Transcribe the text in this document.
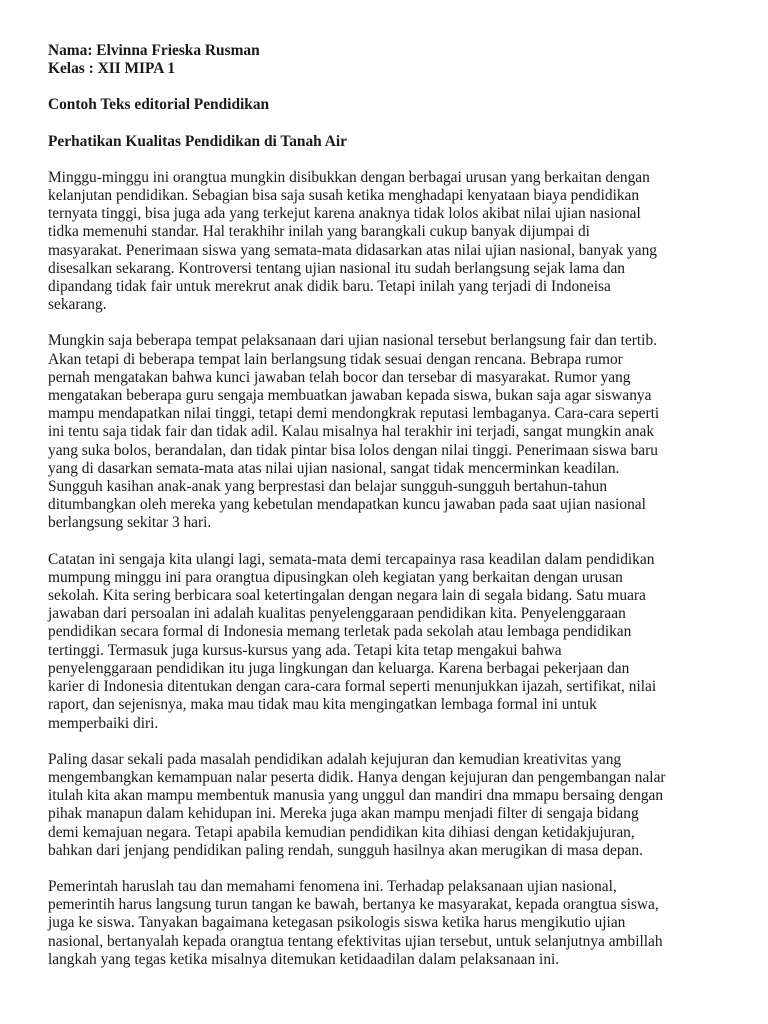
Nama: Elvinna Frieska Rusman

Kelas : XII MIPA 1

Contoh Teks editorial Pendidikan

Perhatikan Kualitas Pendidikan di Tanah Air

Minggu-minggu ini orangtua mungkin disibukkan dengan berbagai urusan yang berkaitan dengan
kelanjutan pendidikan. Sebagian bisa saja susah ketika menghadapi kenyataan biaya pendidikan
ternyata tinggi, bisa juga ada yang terkejut karena anaknya tidak lolos akibat nilai ujian nasional
tidka memenuhi standar. Hal terakhihr inilah yang barangkali cukup banyak dijumpai di
masyarakat. Penerimaan siswa yang semata-mata didasarkan atas nilai ujian nasional, banyak yang
disesalkan sekarang. Kontroversi tentang ujian nasional itu sudah berlangsung sejak lama dan
dipandang tidak fair untuk merekrut anak didik baru. Tetapi inilah yang terjadi di Indoneisa
sekarang.
Mungkin saja beberapa tempat pelaksanaan dari ujian nasional tersebut berlangsung fair dan tertib.
Akan tetapi di beberapa tempat lain berlangsung tidak sesuai dengan rencana. Bebrapa rumor
pernah mengatakan bahwa kunci jawaban telah bocor dan tersebar di masyarakat. Rumor yang
mengatakan beberapa guru sengaja membuatkan jawaban kepada siswa, bukan saja agar siswanya
mampu mendapatkan nilai tinggi, tetapi demi mendongkrak reputasi lembaganya. Cara-cara seperti
ini tentu saja tidak fair dan tidak adil. Kalau misalnya hal terakhir ini terjadi, sangat mungkin anak
yang suka bolos, berandalan, dan tidak pintar bisa lolos dengan nilai tinggi. Penerimaan siswa baru
yang di dasarkan semata-mata atas nilai ujian nasional, sangat tidak mencerminkan keadilan.
Sungguh kasihan anak-anak yang berprestasi dan belajar sungguh-sungguh bertahun-tahun
ditumbangkan oleh mereka yang kebetulan mendapatkan kuncu jawaban pada saat ujian nasional
berlangsung sekitar 3 hari.
Catatan ini sengaja kita ulangi lagi, semata-mata demi tercapainya rasa keadilan dalam pendidikan
mumpung minggu ini para orangtua dipusingkan oleh kegiatan yang berkaitan dengan urusan
sekolah. Kita sering berbicara soal ketertingalan dengan negara lain di segala bidang. Satu muara
jawaban dari persoalan ini adalah kualitas penyelenggaraan pendidikan kita. Penyelenggaraan
pendidikan secara formal di Indonesia memang terletak pada sekolah atau lembaga pendidikan
tertinggi. Termasuk juga kursus-kursus yang ada. Tetapi kita tetap mengakui bahwa
penyelenggaraan pendidikan itu juga lingkungan dan keluarga. Karena berbagai pekerjaan dan
karier di Indonesia ditentukan dengan cara-cara formal seperti menunjukkan ijazah, sertifikat, nilai
raport, dan sejenisnya, maka mau tidak mau kita mengingatkan lembaga formal ini untuk
memperbaiki diri.
Paling dasar sekali pada masalah pendidikan adalah kejujuran dan kemudian kreativitas yang
mengembangkan kemampuan nalar peserta didik. Hanya dengan kejujuran dan pengembangan nalar
itulah kita akan mampu membentuk manusia yang unggul dan mandiri dna mmapu bersaing dengan
pihak manapun dalam kehidupan ini. Mereka juga akan mampu menjadi filter di sengaja bidang
demi kemajuan negara. Tetapi apabila kemudian pendidikan kita dihiasi dengan ketidakjujuran,
bahkan dari jenjang pendidikan paling rendah, sungguh hasilnya akan merugikan di masa depan.
Pemerintah haruslah tau dan memahami fenomena ini. Terhadap pelaksanaan ujian nasional,
pemerintih harus langsung turun tangan ke bawah, bertanya ke masyarakat, kepada orangtua siswa,
juga ke siswa. Tanyakan bagaimana ketegasan psikologis siswa ketika harus mengikutio ujian
nasional, bertanyalah kepada orangtua tentang efektivitas ujian tersebut, untuk selanjutnya ambillah
langkah yang tegas ketika misalnya ditemukan ketidaadilan dalam pelaksanaan ini.
